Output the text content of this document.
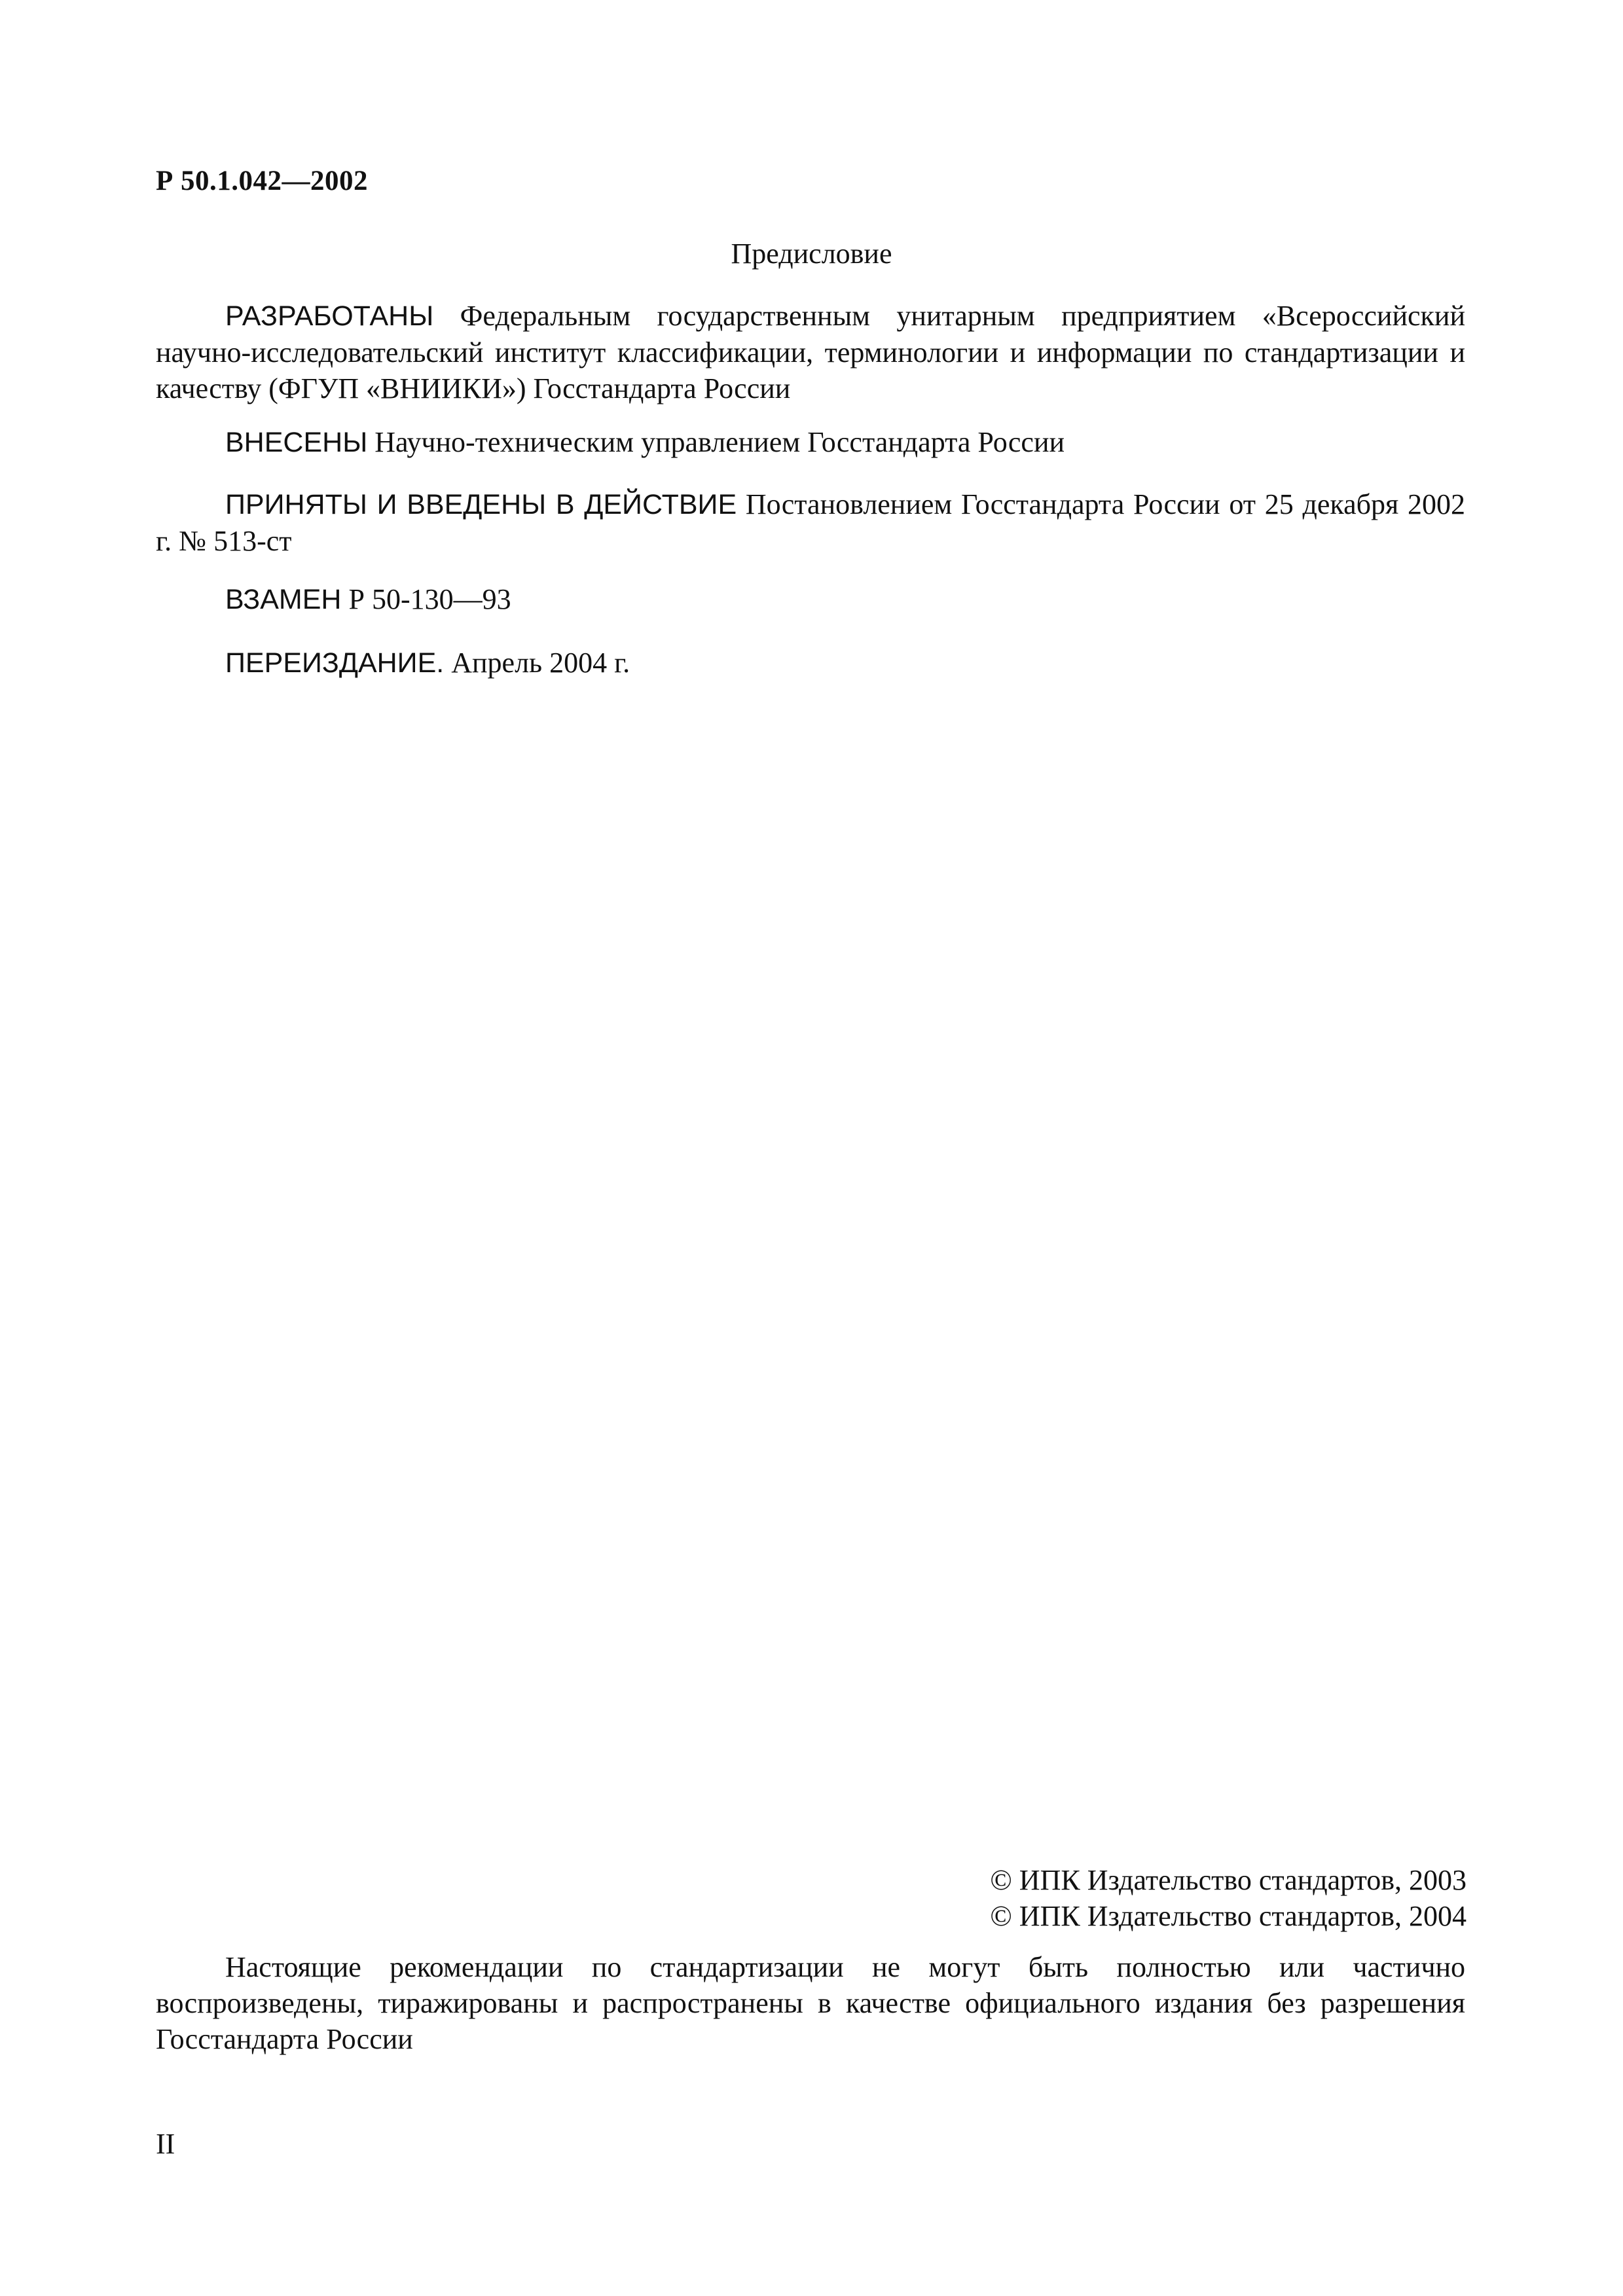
Р 50.1.042—2002
Предисловие
РАЗРАБОТАНЫ Федеральным государственным унитарным предприятием «Всероссийский научно-исследовательский институт классификации, терминологии и информации по стандартизации и качеству (ФГУП «ВНИИКИ») Госстандарта России
ВНЕСЕНЫ Научно-техническим управлением Госстандарта России
ПРИНЯТЫ И ВВЕДЕНЫ В ДЕЙСТВИЕ Постановлением Госстандарта России от 25 декабря 2002 г. № 513-ст
ВЗАМЕН Р 50-130—93
ПЕРЕИЗДАНИЕ. Апрель 2004 г.
© ИПК Издательство стандартов, 2003
© ИПК Издательство стандартов, 2004
Настоящие рекомендации по стандартизации не могут быть полностью или частично воспроизведены, тиражированы и распространены в качестве официального издания без разрешения Госстандарта России
II
